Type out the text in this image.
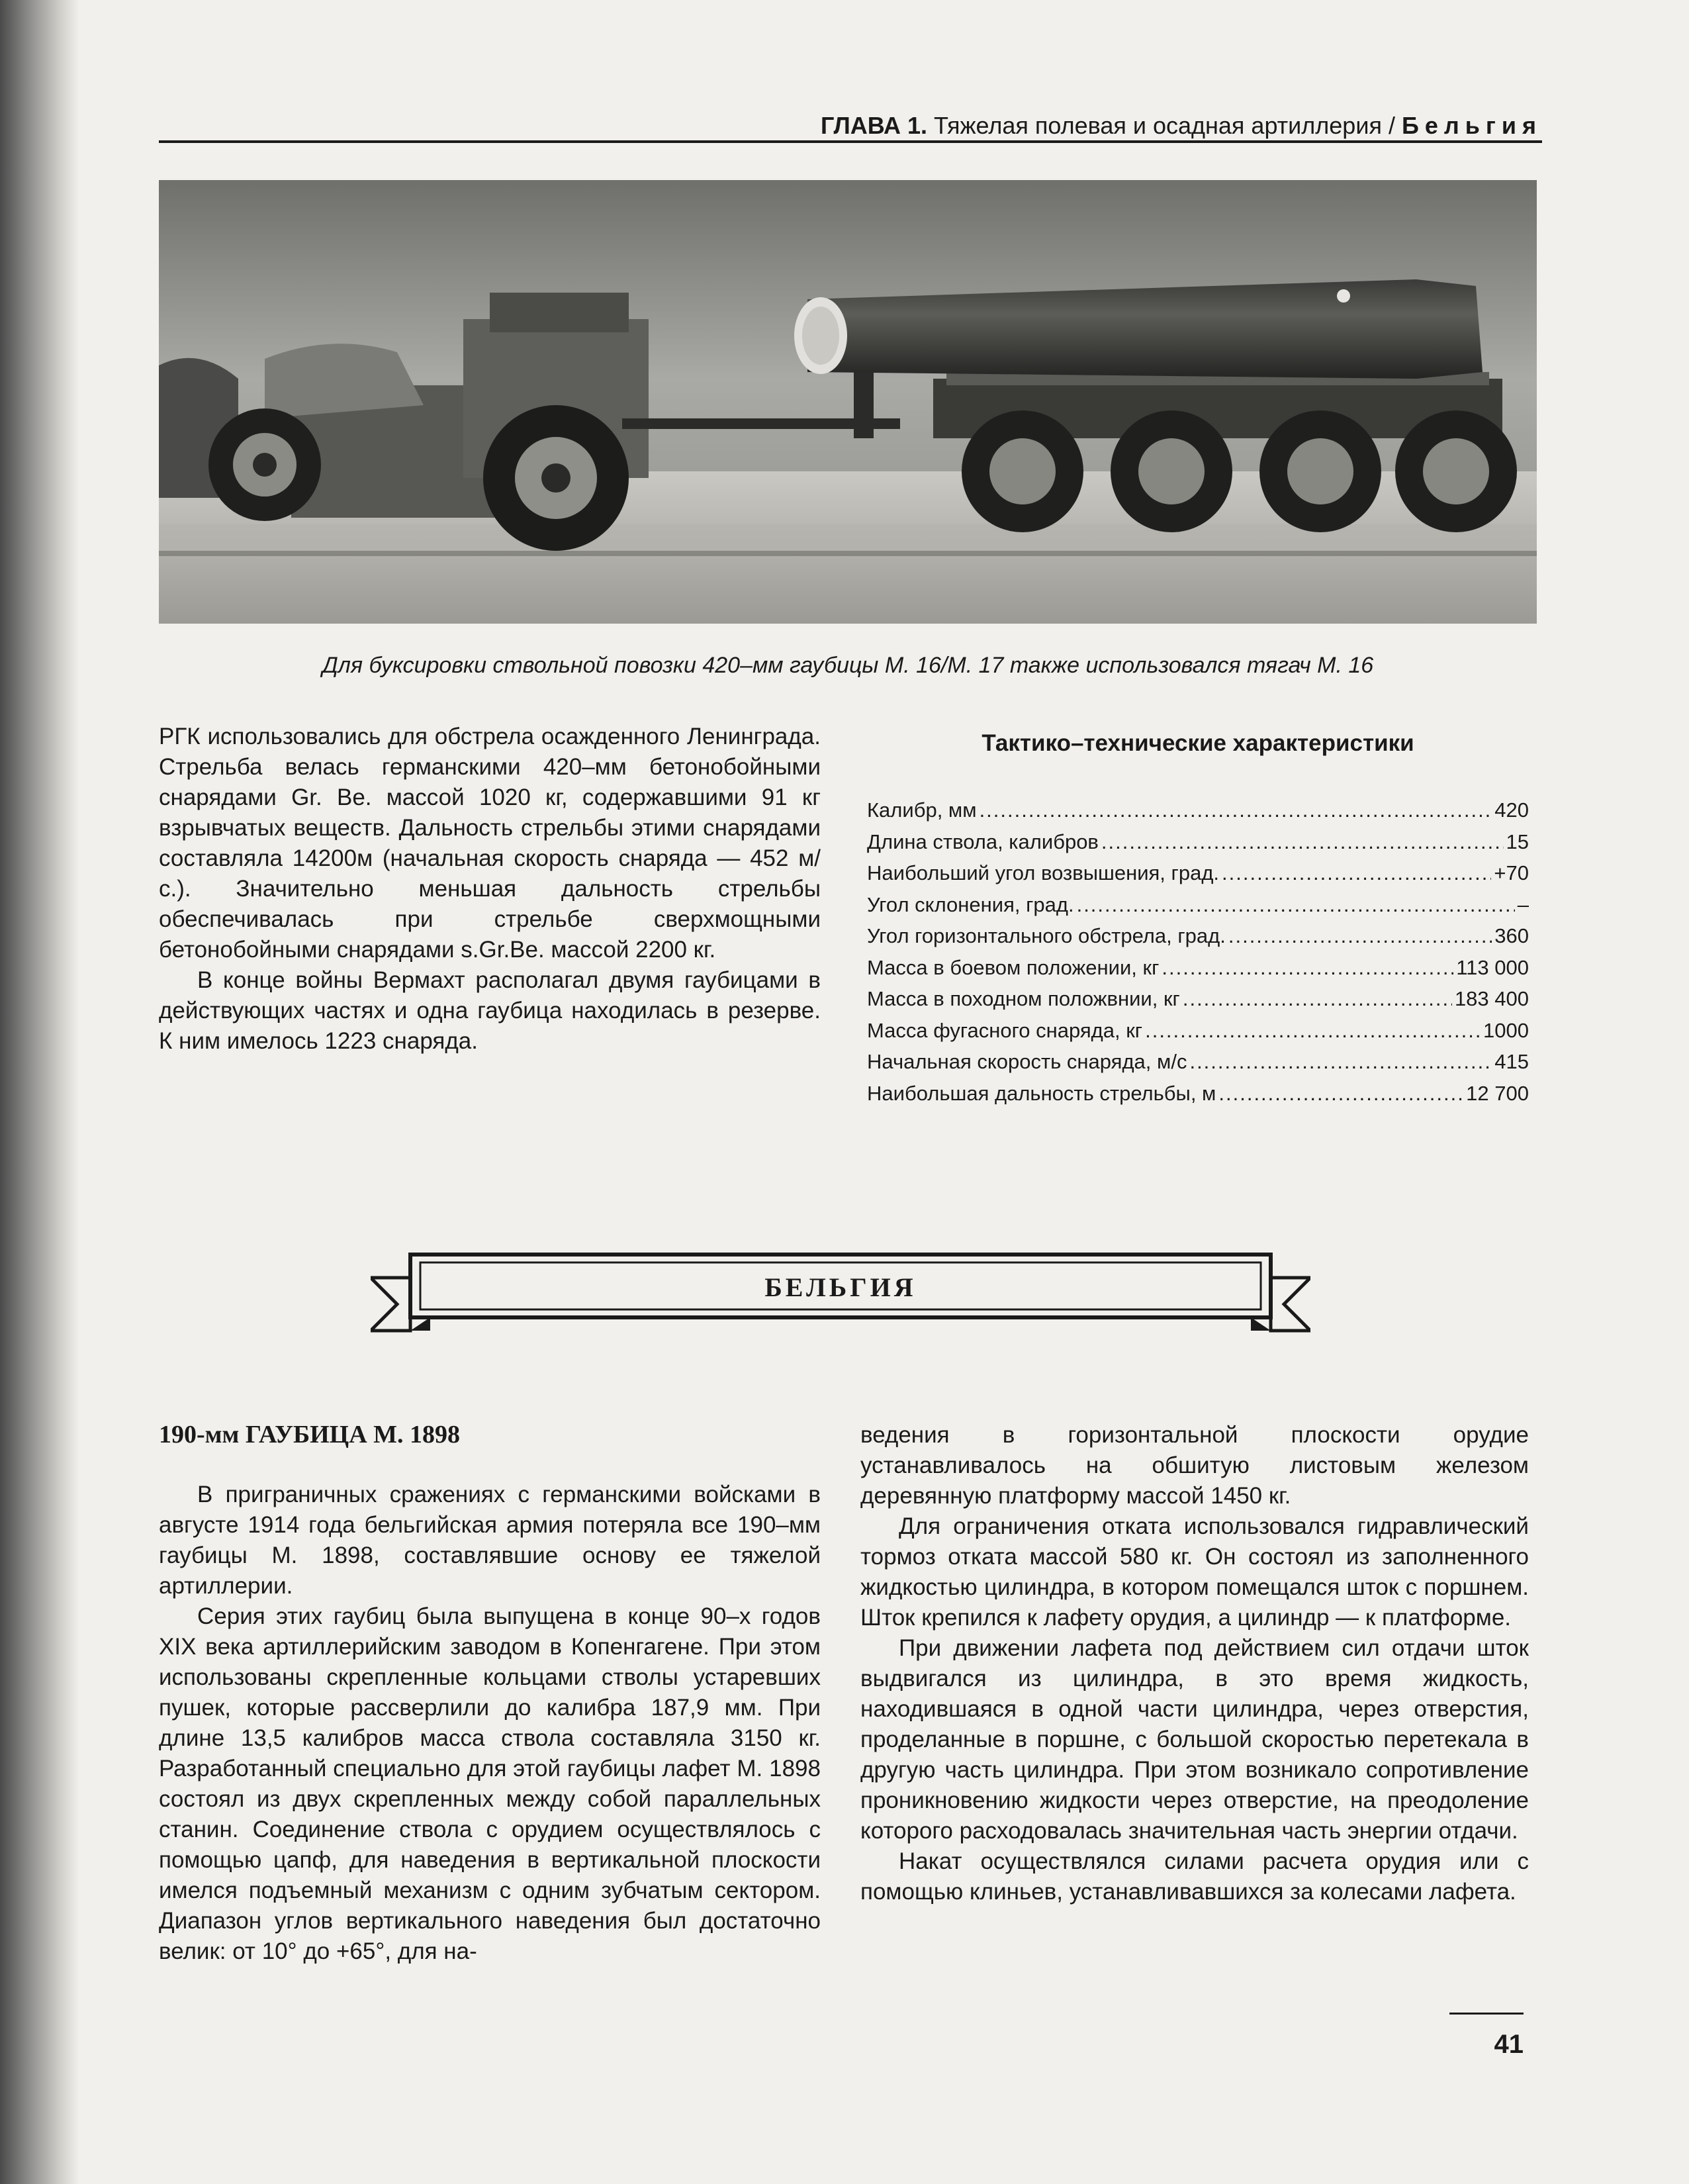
ГЛАВА 1. Тяжелая полевая и осадная артиллерия / Бельгия
Для буксировки ствольной повозки 420–мм гаубицы М. 16/М. 17 также использовался тягач М. 16

РГК использовались для обстрела осажденного Ленинграда. Стрельба велась германскими 420–мм бетонобойными снарядами Gr. Be. массой 1020 кг, содержавшими 91 кг взрывчатых веществ. Дальность стрельбы этими снарядами составляла 14200м (начальная скорость снаряда — 452 м/с.). Значительно меньшая дальность стрельбы обеспечивалась при стрельбе сверхмощными бетонобойными снарядами s.Gr.Be. массой 2200 кг.

В конце войны Вермахт располагал двумя гаубицами в действующих частях и одна гаубица находилась в резерве. К ним имелось 1223 снаряда.

Тактико–технические характеристики
Калибр, мм .....	420
Длина ствола, калибров .....	15
Наибольший угол возвышения, град. .....	+70
Угол склонения, град. .....	–
Угол горизонтального обстрела, град. .....	360
Масса в боевом положении, кг .....	113 000
Масса в походном положвнии, кг .....	183 400
Масса фугасного снаряда, кг .....	1000
Начальная скорость снаряда, м/с .....	415
Наибольшая дальность стрельбы, м .....	12 700
БЕЛЬГИЯ
190-мм ГАУБИЦА М. 1898

В приграничных сражениях с германскими войсками в августе 1914 года бельгийская армия потеряла все 190–мм гаубицы М. 1898, составлявшие основу ее тяжелой артиллерии.

Серия этих гаубиц была выпущена в конце 90–х годов XIX века артиллерийским заводом в Копенгагене. При этом использованы скрепленные кольцами стволы устаревших пушек, которые рассверлили до калибра 187,9 мм. При длине 13,5 калибров масса ствола составляла 3150 кг. Разработанный специально для этой гаубицы лафет М. 1898 состоял из двух скрепленных между собой параллельных станин. Соединение ствола с орудием осуществлялось с помощью цапф, для наведения в вертикальной плоскости имелся подъемный механизм с одним зубчатым сектором. Диапазон углов вертикального наведения был достаточно велик: от 10° до +65°, для на-

ведения в горизонтальной плоскости орудие устанавливалось на обшитую листовым железом деревянную платформу массой 1450 кг.

Для ограничения отката использовался гидравлический тормоз отката массой 580 кг. Он состоял из заполненного жидкостью цилиндра, в котором помещался шток с поршнем. Шток крепился к лафету орудия, а цилиндр — к платформе.

При движении лафета под действием сил отдачи шток выдвигался из цилиндра, в это время жидкость, находившаяся в одной части цилиндра, через отверстия, проделанные в поршне, с большой скоростью перетекала в другую часть цилиндра. При этом возникало сопротивление проникновению жидкости через отверстие, на преодоление которого расходовалась значительная часть энергии отдачи.

Накат осуществлялся силами расчета орудия или с помощью клиньев, устанавливавшихся за колесами лафета.

41
